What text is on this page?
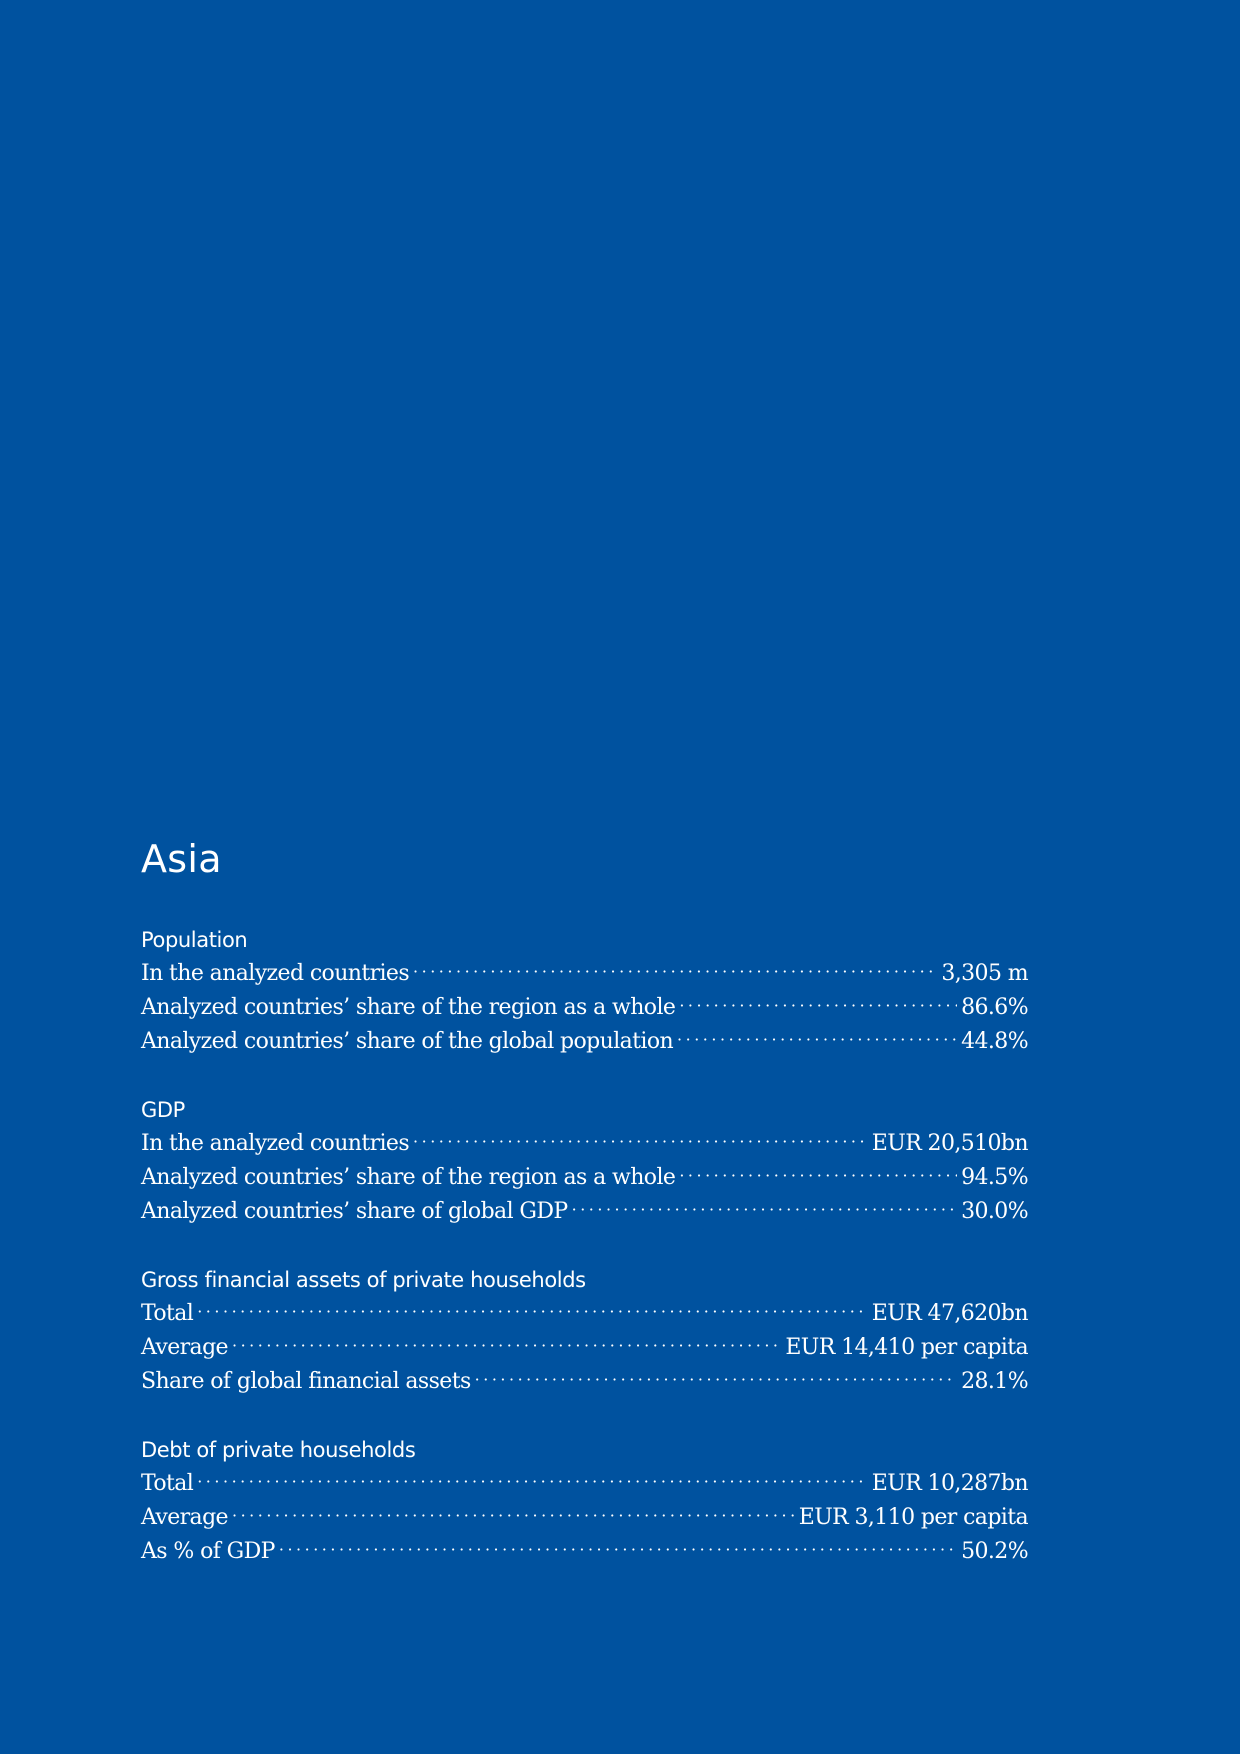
Asia
Population
In the analyzed countries ·····	3,305 m
Analyzed countries’ share of the region as a whole ·····	86.6%
Analyzed countries’ share of the global population ·····	44.8%
GDP
In the analyzed countries ·····	EUR 20,510bn
Analyzed countries’ share of the region as a whole ·····	94.5%
Analyzed countries’ share of global GDP ·····	30.0%
Gross financial assets of private households
Total ·····	EUR 47,620bn
Average ·····	EUR 14,410 per capita
Share of global financial assets ·····	28.1%
Debt of private households
Total ·····	EUR 10,287bn
Average ·····	EUR 3,110 per capita
As % of GDP ·····	50.2%
